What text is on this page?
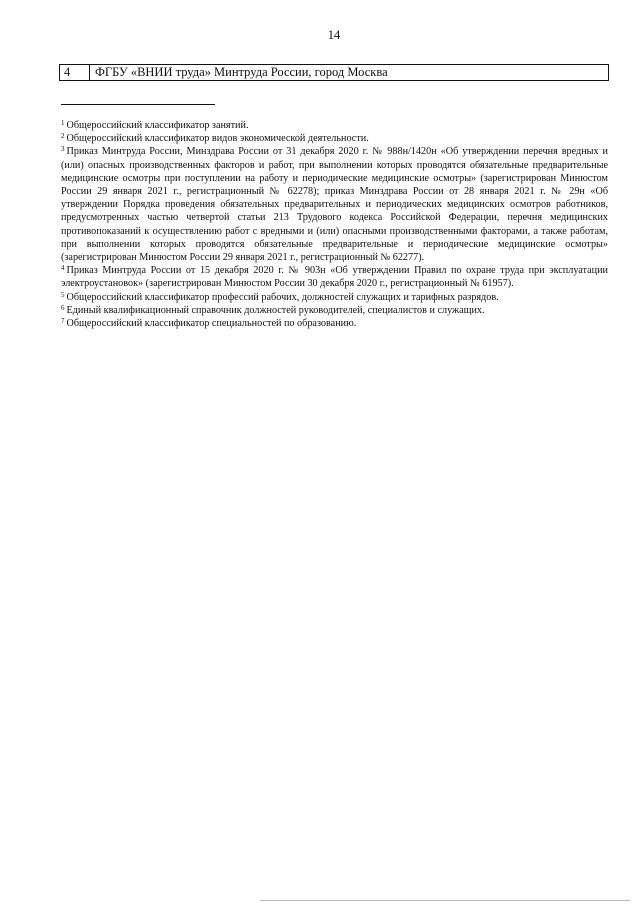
14
4	ФГБУ «ВНИИ труда» Минтруда России, город Москва

$^1$ Общероссийский классификатор занятий.

$^2$ Общероссийский классификатор видов экономической деятельности.

$^3$ Приказ Минтруда России, Минздрава России от 31 декабря 2020 г. № 988н/1420н «Об утверждении перечня вредных и (или) опасных производственных факторов и работ, при выполнении которых проводятся обязательные предварительные медицинские осмотры при поступлении на работу и периодические медицинские осмотры» (зарегистрирован Минюстом России 29 января 2021 г., регистрационный № 62278); приказ Минздрава России от 28 января 2021 г. № 29н «Об утверждении Порядка проведения обязательных предварительных и периодических медицинских осмотров работников, предусмотренных частью четвертой статьи 213 Трудового кодекса Российской Федерации, перечня медицинских противопоказаний к осуществлению работ с вредными и (или) опасными производственными факторами, а также работам, при выполнении которых проводятся обязательные предварительные и периодические медицинские осмотры» (зарегистрирован Минюстом России 29 января 2021 г., регистрационный № 62277).

$^4$ Приказ Минтруда России от 15 декабря 2020 г. № 903н «Об утверждении Правил по охране труда при эксплуатации электроустановок» (зарегистрирован Минюстом России 30 декабря 2020 г., регистрационный № 61957).

$^5$ Общероссийский классификатор профессий рабочих, должностей служащих и тарифных разрядов.

$^6$ Единый квалификационный справочник должностей руководителей, специалистов и служащих.

$^7$ Общероссийский классификатор специальностей по образованию.
